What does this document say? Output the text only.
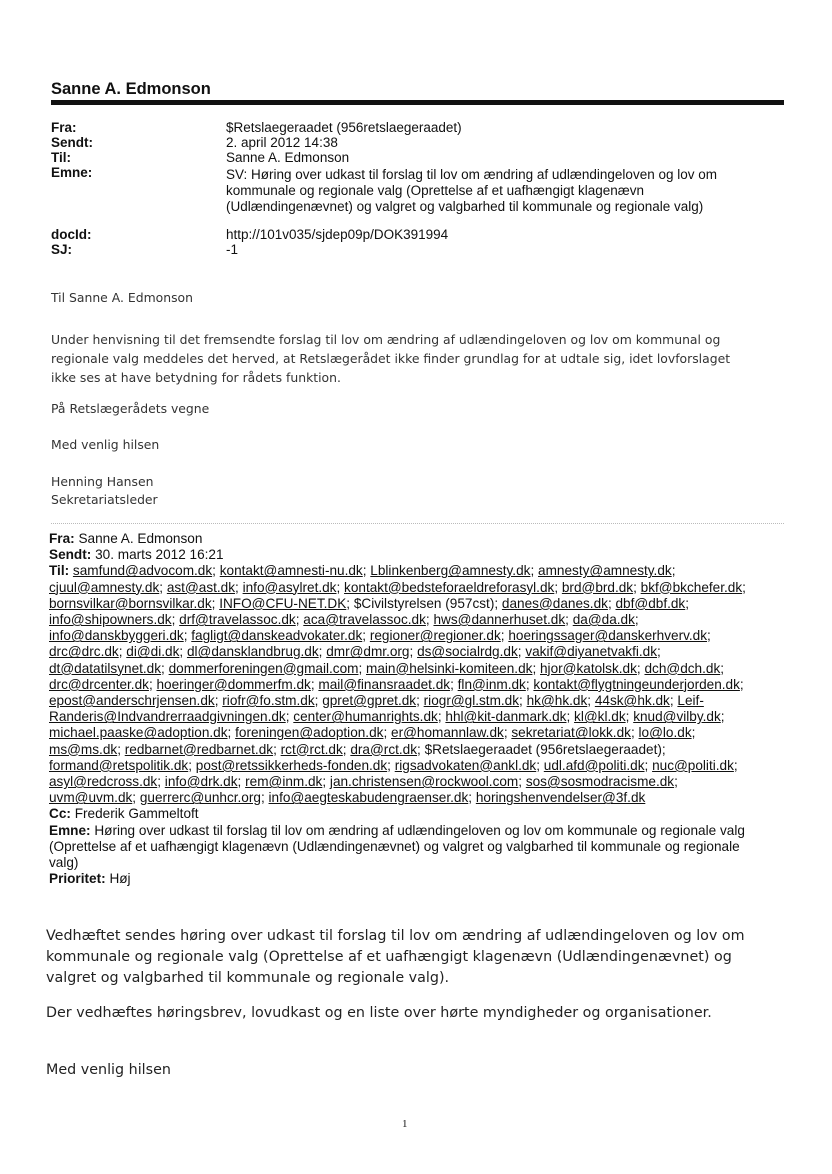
Sanne A. Edmonson
Fra:	$Retslaegeraadet (956retslaegeraadet)
Sendt:	2. april 2012 14:38
Til:	Sanne A. Edmonson
Emne:	SV: Høring over udkast til forslag til lov om ændring af udlændingeloven og lov om kommunale og regionale valg (Oprettelse af et uafhængigt klagenævn (Udlændingenævnet) og valgret og valgbarhed til kommunale og regionale valg)
docId:	http://101v035/sjdep09p/DOK391994
SJ:	-1
Til Sanne A. Edmonson
Under henvisning til det fremsendte forslag til lov om ændring af udlændingeloven og lov om kommunal og regionale valg meddeles det herved, at Retslægerådet ikke finder grundlag for at udtale sig, idet lovforslaget ikke ses at have betydning for rådets funktion.
På Retslægerådets vegne
Med venlig hilsen
Henning Hansen
Sekretariatsleder

Fra: Sanne A. Edmonson

Sendt: 30. marts 2012 16:21

Til: samfund@advocom.dk; kontakt@amnesti-nu.dk; Lblinkenberg@amnesty.dk; amnesty@amnesty.dk; cjuul@amnesty.dk; ast@ast.dk; info@asylret.dk; kontakt@bedsteforaeldreforasyl.dk; brd@brd.dk; bkf@bkchefer.dk; bornsvilkar@bornsvilkar.dk; INFO@CFU-NET.DK; $Civilstyrelsen (957cst); danes@danes.dk; dbf@dbf.dk; info@shipowners.dk; drf@travelassoc.dk; aca@travelassoc.dk; hws@dannerhuset.dk; da@da.dk; info@danskbyggeri.dk; fagligt@danskeadvokater.dk; regioner@regioner.dk; hoeringssager@danskerhverv.dk; drc@drc.dk; di@di.dk; dl@dansklandbrug.dk; dmr@dmr.org; ds@socialrdg.dk; vakif@diyanetvakfi.dk; dt@datatilsynet.dk; dommerforeningen@gmail.com; main@helsinki-komiteen.dk; hjor@katolsk.dk; dch@dch.dk; drc@drcenter.dk; hoeringer@dommerfm.dk; mail@finansraadet.dk; fln@inm.dk; kontakt@flygtningeunderjorden.dk; epost@anderschrjensen.dk; riofr@fo.stm.dk; gpret@gpret.dk; riogr@gl.stm.dk; hk@hk.dk; 44sk@hk.dk; Leif-Randeris@Indvandrerraadgivningen.dk; center@humanrights.dk; hhl@kit-danmark.dk; kl@kl.dk; knud@vilby.dk; michael.paaske@adoption.dk; foreningen@adoption.dk; er@homannlaw.dk; sekretariat@lokk.dk; lo@lo.dk; ms@ms.dk; redbarnet@redbarnet.dk; rct@rct.dk; dra@rct.dk; $Retslaegeraadet (956retslaegeraadet); formand@retspolitik.dk; post@retssikkerheds-fonden.dk; rigsadvokaten@ankl.dk; udl.afd@politi.dk; nuc@politi.dk; asyl@redcross.dk; info@drk.dk; rem@inm.dk; jan.christensen@rockwool.com; sos@sosmodracisme.dk; uvm@uvm.dk; guerrerc@unhcr.org; info@aegteskabudengraenser.dk; horingshenvendelser@3f.dk

Cc: Frederik Gammeltoft

Emne: Høring over udkast til forslag til lov om ændring af udlændingeloven og lov om kommunale og regionale valg (Oprettelse af et uafhængigt klagenævn (Udlændingenævnet) og valgret og valgbarhed til kommunale og regionale valg)

Prioritet: Høj

Vedhæftet sendes høring over udkast til forslag til lov om ændring af udlændingeloven og lov om kommunale og regionale valg (Oprettelse af et uafhængigt klagenævn (Udlændingenævnet) og valgret og valgbarhed til kommunale og regionale valg).
Der vedhæftes høringsbrev, lovudkast og en liste over hørte myndigheder og organisationer.
Med venlig hilsen
1
